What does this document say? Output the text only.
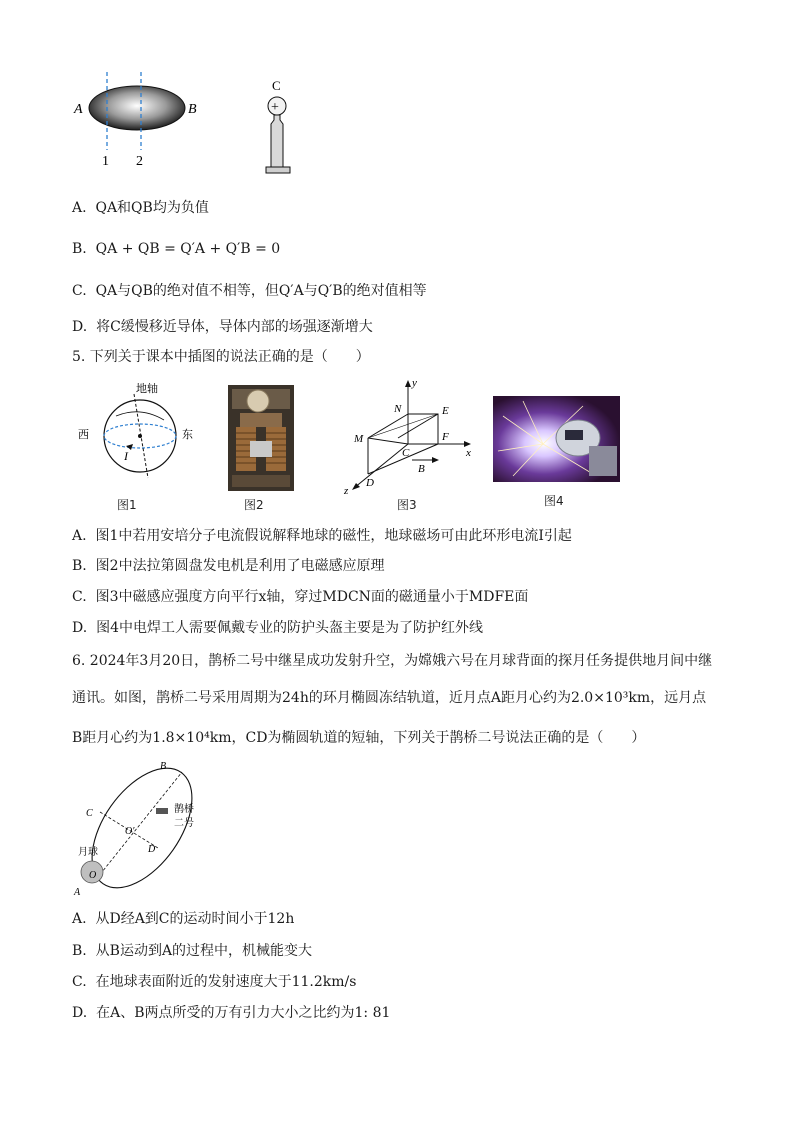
A	B
1 2
C
+
A. QA和QB均为负值
B. QA + QB = Q′A + Q′B = 0
C. QA与QB的绝对值不相等，但Q′A与Q′B的绝对值相等
D. 将C缓慢移近导体，导体内部的场强逐渐增大
5. 下列关于课本中插图的说法正确的是（　　）
地轴
西	东
I
图1	图2
y
x
z
N	E
M	F
C
D
B
图3	图4
A. 图1中若用安培分子电流假说解释地球的磁性，地球磁场可由此环形电流I引起
B. 图2中法拉第圆盘发电机是利用了电磁感应原理
C. 图3中磁感应强度方向平行x轴，穿过MDCN面的磁通量小于MDFE面
D. 图4中电焊工人需要佩戴专业的防护头盔主要是为了防护红外线
6. 2024年3月20日，鹊桥二号中继星成功发射升空，为嫦娥六号在月球背面的探月任务提供地月间中继
通讯。如图，鹊桥二号采用周期为24h的环月椭圆冻结轨道，近月点A距月心约为2.0×10³km，远月点
B距月心约为1.8×10⁴km，CD为椭圆轨道的短轴，下列关于鹊桥二号说法正确的是（　　）
B
C
O′
D
月球
O
A
鹊桥
二号
A. 从D经A到C的运动时间小于12h
B. 从B运动到A的过程中，机械能变大
C. 在地球表面附近的发射速度大于11.2km/s
D. 在A、B两点所受的万有引力大小之比约为1: 81
